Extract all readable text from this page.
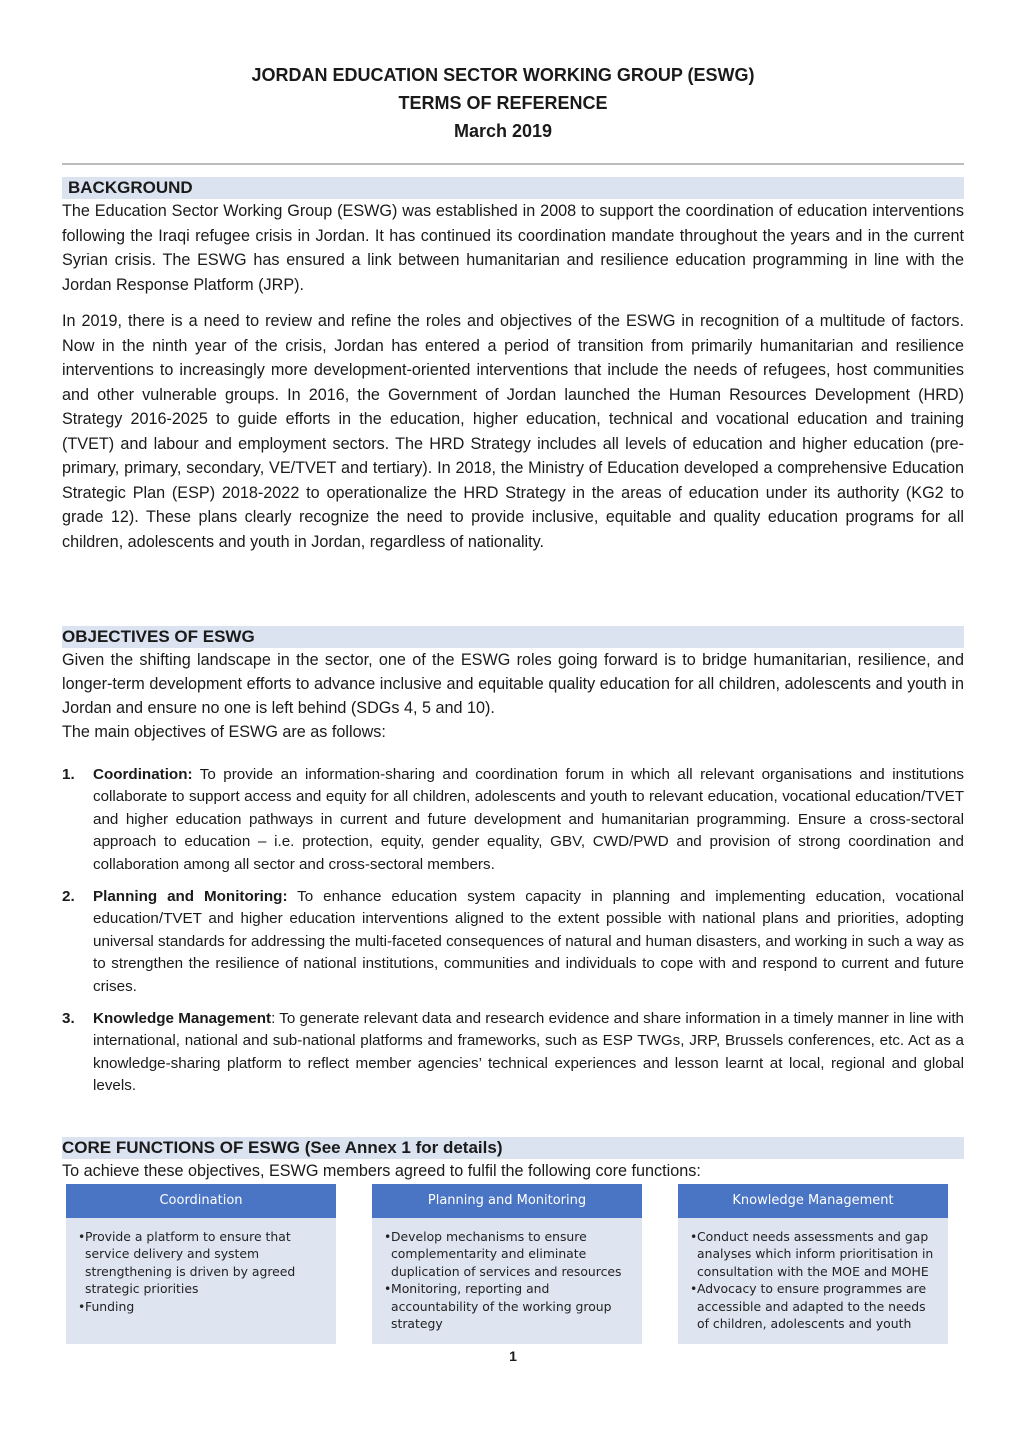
JORDAN EDUCATION SECTOR WORKING GROUP (ESWG)
TERMS OF REFERENCE
March 2019
BACKGROUND

The Education Sector Working Group (ESWG) was established in 2008 to support the coordination of education interventions following the Iraqi refugee crisis in Jordan. It has continued its coordination mandate throughout the years and in the current Syrian crisis. The ESWG has ensured a link between humanitarian and resilience education programming in line with the Jordan Response Platform (JRP).

In 2019, there is a need to review and refine the roles and objectives of the ESWG in recognition of a multitude of factors. Now in the ninth year of the crisis, Jordan has entered a period of transition from primarily humanitarian and resilience interventions to increasingly more development-oriented interventions that include the needs of refugees, host communities and other vulnerable groups. In 2016, the Government of Jordan launched the Human Resources Development (HRD) Strategy 2016-2025 to guide efforts in the education, higher education, technical and vocational education and training (TVET) and labour and employment sectors. The HRD Strategy includes all levels of education and higher education (pre-primary, primary, secondary, VE/TVET and tertiary). In 2018, the Ministry of Education developed a comprehensive Education Strategic Plan (ESP) 2018-2022 to operationalize the HRD Strategy in the areas of education under its authority (KG2 to grade 12). These plans clearly recognize the need to provide inclusive, equitable and quality education programs for all children, adolescents and youth in Jordan, regardless of nationality.

OBJECTIVES OF ESWG

Given the shifting landscape in the sector, one of the ESWG roles going forward is to bridge humanitarian, resilience, and longer-term development efforts to advance inclusive and equitable quality education for all children, adolescents and youth in Jordan and ensure no one is left behind (SDGs 4, 5 and 10).

The main objectives of ESWG are as follows:

1. Coordination: To provide an information-sharing and coordination forum in which all relevant organisations and institutions collaborate to support access and equity for all children, adolescents and youth to relevant education, vocational education/TVET and higher education pathways in current and future development and humanitarian programming. Ensure a cross-sectoral approach to education – i.e. protection, equity, gender equality, GBV, CWD/PWD and provision of strong coordination and collaboration among all sector and cross-sectoral members.
2. Planning and Monitoring: To enhance education system capacity in planning and implementing education, vocational education/TVET and higher education interventions aligned to the extent possible with national plans and priorities, adopting universal standards for addressing the multi-faceted consequences of natural and human disasters, and working in such a way as to strengthen the resilience of national institutions, communities and individuals to cope with and respond to current and future crises.
3. Knowledge Management: To generate relevant data and research evidence and share information in a timely manner in line with international, national and sub-national platforms and frameworks, such as ESP TWGs, JRP, Brussels conferences, etc. Act as a knowledge-sharing platform to reflect member agencies’ technical experiences and lesson learnt at local, regional and global levels.
CORE FUNCTIONS OF ESWG (See Annex 1 for details)

To achieve these objectives, ESWG members agreed to fulfil the following core functions:

Coordination
• Provide a platform to ensure that service delivery and system strengthening is driven by agreed strategic priorities
• Funding
Planning and Monitoring
• Develop mechanisms to ensure complementarity and eliminate duplication of services and resources
• Monitoring, reporting and accountability of the working group strategy
Knowledge Management
• Conduct needs assessments and gap analyses which inform prioritisation in consultation with the MOE and MOHE
• Advocacy to ensure programmes are accessible and adapted to the needs of children, adolescents and youth
1
